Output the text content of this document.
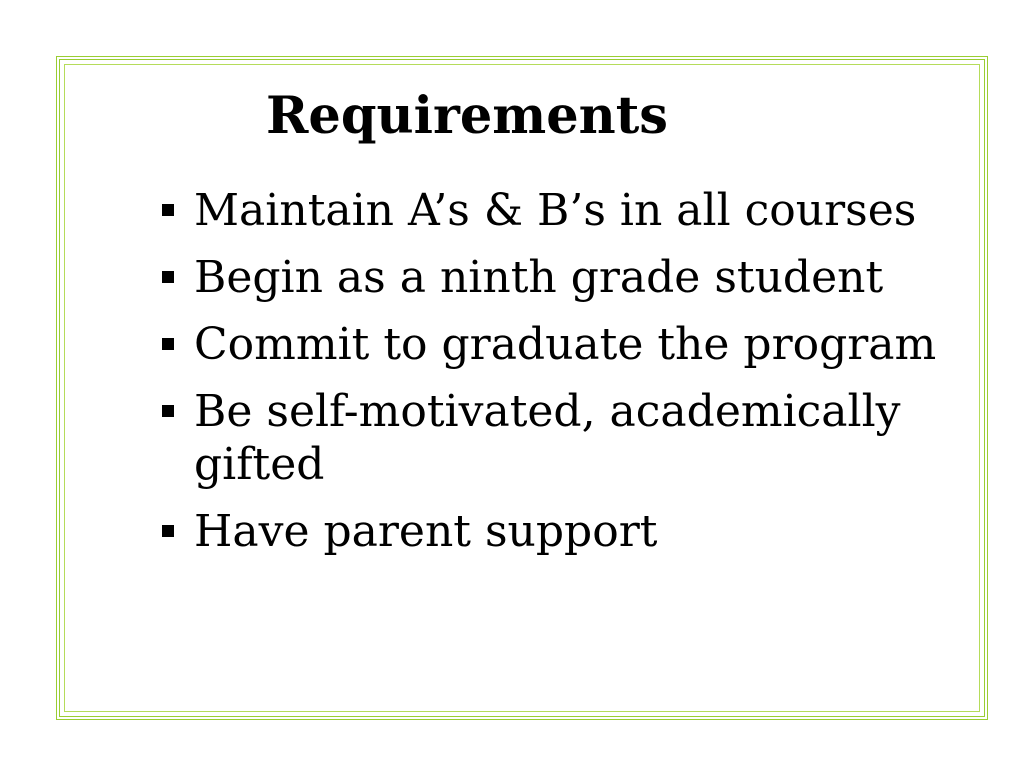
Requirements
Maintain A’s & B’s in all courses
Begin as a ninth grade student
Commit to graduate the program
Be self-motivated, academically gifted
Have parent support
